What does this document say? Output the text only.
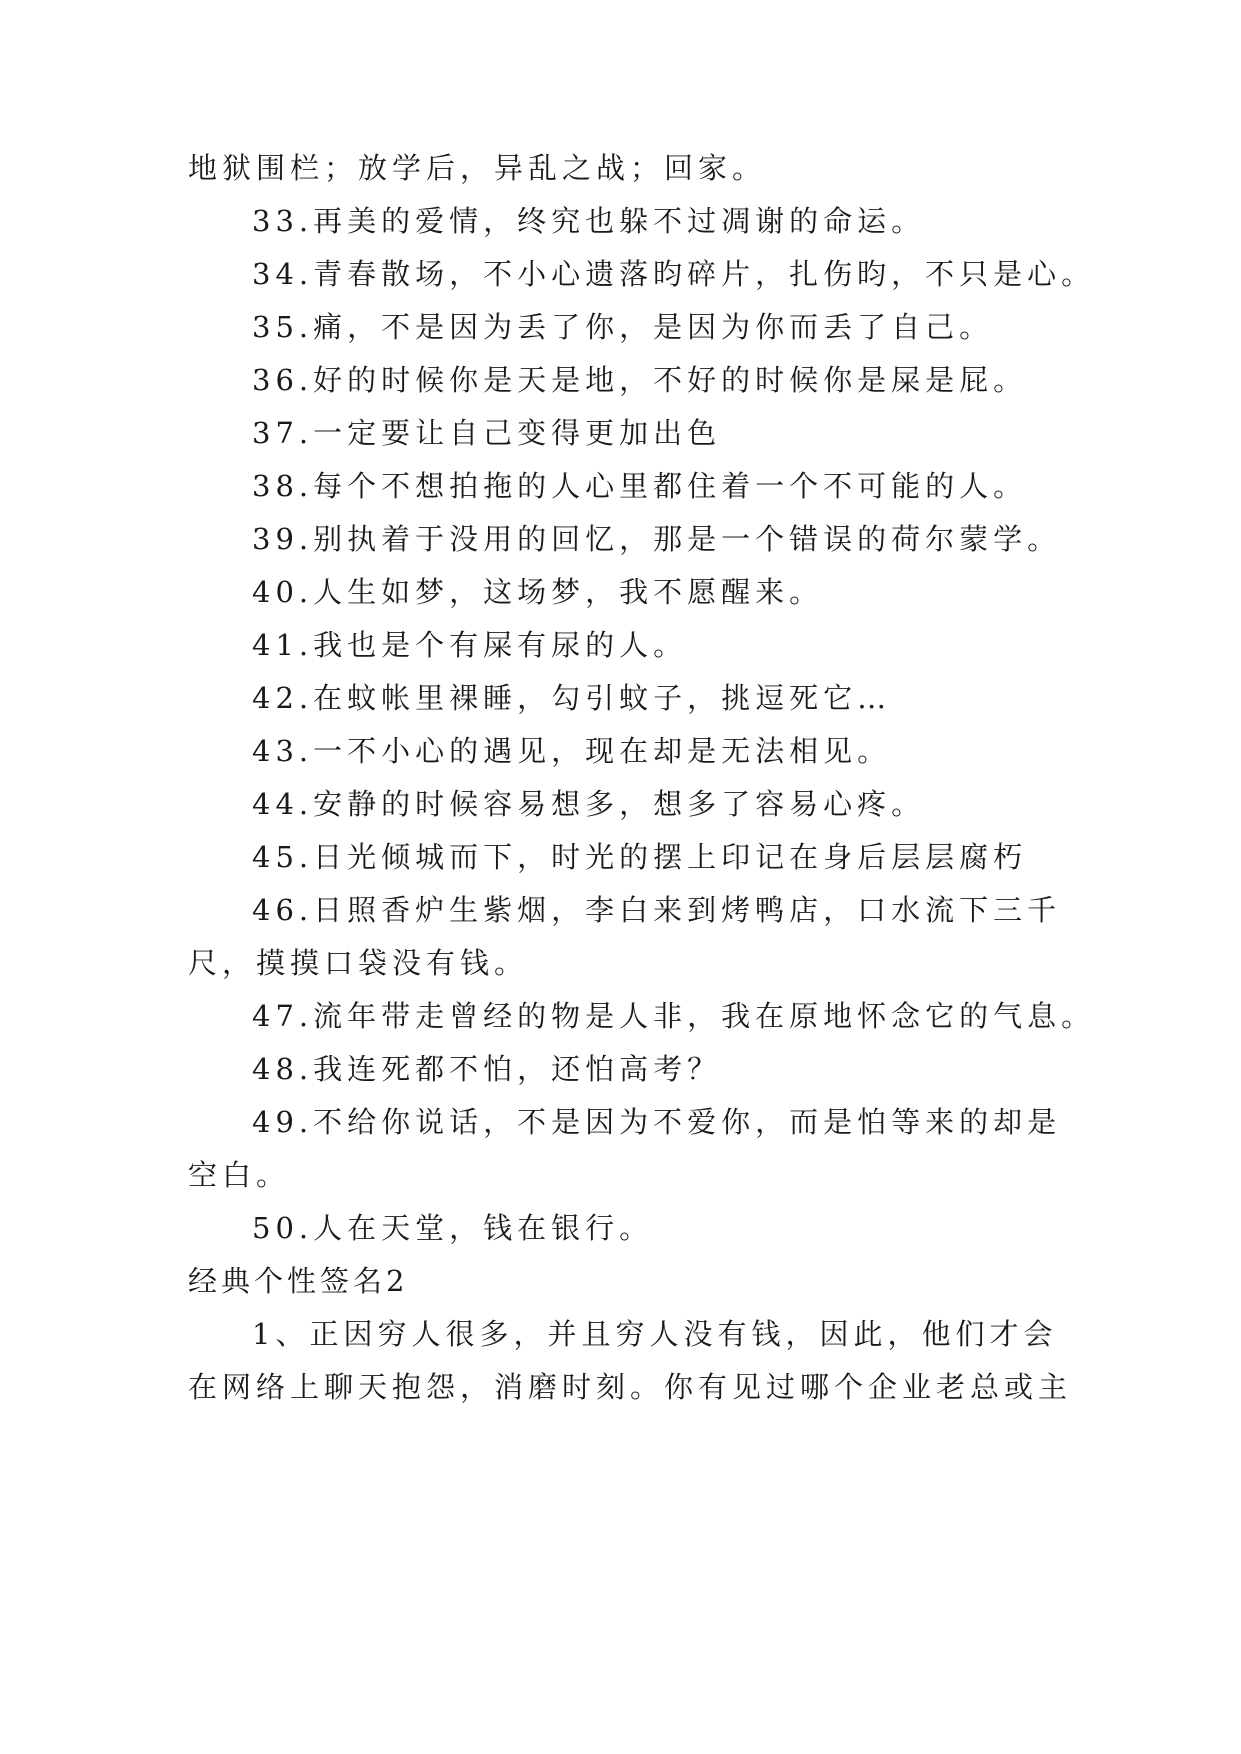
地狱围栏；放学后，异乱之战；回家。
33.再美的爱情，终究也躲不过凋谢的命运。
34.青春散场，不小心遗落昀碎片，扎伤昀，不只是心。
35.痛，不是因为丢了你，是因为你而丢了自己。
36.好的时候你是天是地，不好的时候你是屎是屁。
37.一定要让自己变得更加出色
38.每个不想拍拖的人心里都住着一个不可能的人。
39.别执着于没用的回忆，那是一个错误的荷尔蒙学。
40.人生如梦，这场梦，我不愿醒来。
41.我也是个有屎有尿的人。
42.在蚊帐里裸睡，勾引蚊子，挑逗死它…
43.一不小心的遇见，现在却是无法相见。
44.安静的时候容易想多，想多了容易心疼。
45.日光倾城而下，时光的摆上印记在身后层层腐朽
46.日照香炉生紫烟，李白来到烤鸭店，口水流下三千
尺，摸摸口袋没有钱。
47.流年带走曾经的物是人非，我在原地怀念它的气息。
48.我连死都不怕，还怕高考？
49.不给你说话，不是因为不爱你，而是怕等来的却是
空白。
50.人在天堂，钱在银行。
经典个性签名2
1、正因穷人很多，并且穷人没有钱，因此，他们才会
在网络上聊天抱怨，消磨时刻。你有见过哪个企业老总或主
